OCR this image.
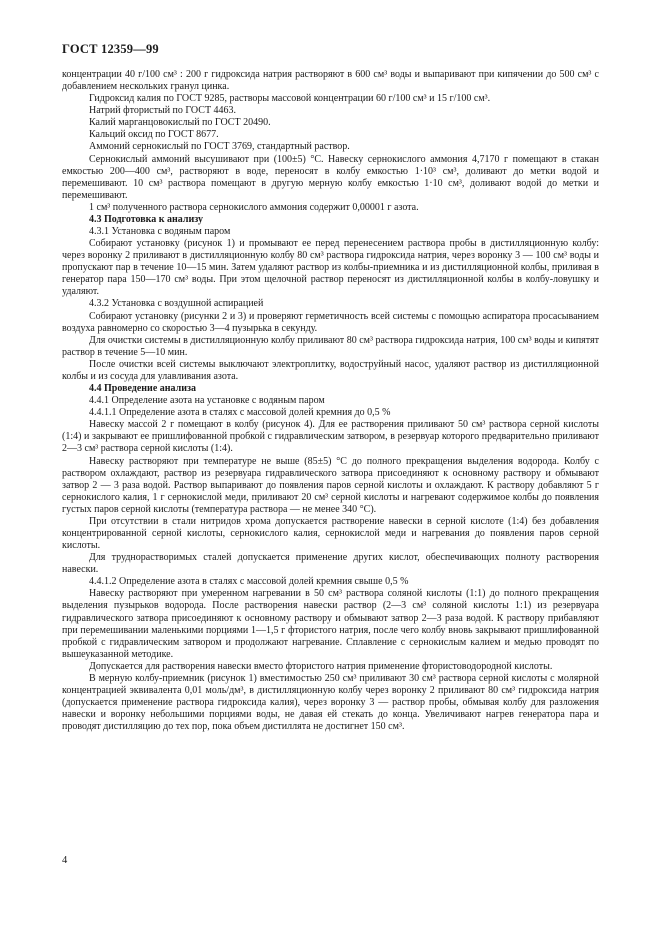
ГОСТ 12359—99

концентрации 40 г/100 см³ : 200 г гидроксида натрия растворяют в 600 см³ воды и выпаривают при кипячении до 500 см³ с добавлением нескольких гранул цинка.

Гидроксид калия по ГОСТ 9285, растворы массовой концентрации 60 г/100 см³ и 15 г/100 см³.

Натрий фтористый по ГОСТ 4463.

Калий марганцовокислый по ГОСТ 20490.

Кальций оксид по ГОСТ 8677.

Аммоний сернокислый по ГОСТ 3769, стандартный раствор.

Сернокислый аммоний высушивают при (100±5) °С. Навеску сернокислого аммония 4,7170 г помещают в стакан емкостью 200—400 см³, растворяют в воде, переносят в колбу емкостью 1·10³ см³, доливают до метки водой и перемешивают. 10 см³ раствора помещают в другую мерную колбу емкостью 1·10 см³, доливают водой до метки и перемешивают.

1 см³ полученного раствора сернокислого аммония содержит 0,00001 г азота.

4.3 Подготовка к анализу

4.3.1 Установка с водяным паром

Собирают установку (рисунок 1) и промывают ее перед перенесением раствора пробы в дистилляционную колбу: через воронку 2 приливают в дистилляционную колбу 80 см³ раствора гидроксида натрия, через воронку 3 — 100 см³ воды и пропускают пар в течение 10—15 мин. Затем удаляют раствор из колбы-приемника и из дистилляционной колбы, приливая в генератор пара 150—170 см³ воды. При этом щелочной раствор переносят из дистилляционной колбы в колбу-ловушку и удаляют.

4.3.2 Установка с воздушной аспирацией

Собирают установку (рисунки 2 и 3) и проверяют герметичность всей системы с помощью аспиратора просасыванием воздуха равномерно со скоростью 3—4 пузырька в секунду.

Для очистки системы в дистилляционную колбу приливают 80 см³ раствора гидроксида натрия, 100 см³ воды и кипятят раствор в течение 5—10 мин.

После очистки всей системы выключают электроплитку, водоструйный насос, удаляют раствор из дистилляционной колбы и из сосуда для улавливания азота.

4.4 Проведение анализа

4.4.1 Определение азота на установке с водяным паром

4.4.1.1 Определение азота в сталях с массовой долей кремния до 0,5 %

Навеску массой 2 г помещают в колбу (рисунок 4). Для ее растворения приливают 50 см³ раствора серной кислоты (1:4) и закрывают ее пришлифованной пробкой с гидравлическим затвором, в резервуар которого предварительно приливают 2—3 см³ раствора серной кислоты (1:4).

Навеску растворяют при температуре не выше (85±5) °С до полного прекращения выделения водорода. Колбу с раствором охлаждают, раствор из резервуара гидравлического затвора присоединяют к основному раствору и обмывают затвор 2 — 3 раза водой. Раствор выпаривают до появления паров серной кислоты и охлаждают. К раствору добавляют 5 г сернокислого калия, 1 г сернокислой меди, приливают 20 см³ серной кислоты и нагревают содержимое колбы до появления густых паров серной кислоты (температура раствора — не менее 340 °С).

При отсутствии в стали нитридов хрома допускается растворение навески в серной кислоте (1:4) без добавления концентрированной серной кислоты, сернокислого калия, сернокислой меди и нагревания до появления паров серной кислоты.

Для труднорастворимых сталей допускается применение других кислот, обеспечивающих полноту растворения навески.

4.4.1.2 Определение азота в сталях с массовой долей кремния свыше 0,5 %

Навеску растворяют при умеренном нагревании в 50 см³ раствора соляной кислоты (1:1) до полного прекращения выделения пузырьков водорода. После растворения навески раствор (2—3 см³ соляной кислоты 1:1) из резервуара гидравлического затвора присоединяют к основному раствору и обмывают затвор 2—3 раза водой. К раствору прибавляют при перемешивании маленькими порциями 1—1,5 г фтористого натрия, после чего колбу вновь закрывают пришлифованной пробкой с гидравлическим затвором и продолжают нагревание. Сплавление с сернокислым калием и медью проводят по вышеуказанной методике.

Допускается для растворения навески вместо фтористого натрия применение фтористоводородной кислоты.

В мерную колбу-приемник (рисунок 1) вместимостью 250 см³ приливают 30 см³ раствора серной кислоты с молярной концентрацией эквивалента 0,01 моль/дм³, в дистилляционную колбу через воронку 2 приливают 80 см³ гидроксида натрия (допускается применение раствора гидроксида калия), через воронку 3 — раствор пробы, обмывая колбу для разложения навески и воронку небольшими порциями воды, не давая ей стекать до конца. Увеличивают нагрев генератора пара и проводят дистилляцию до тех пор, пока объем дистиллята не достигнет 150 см³.

4
